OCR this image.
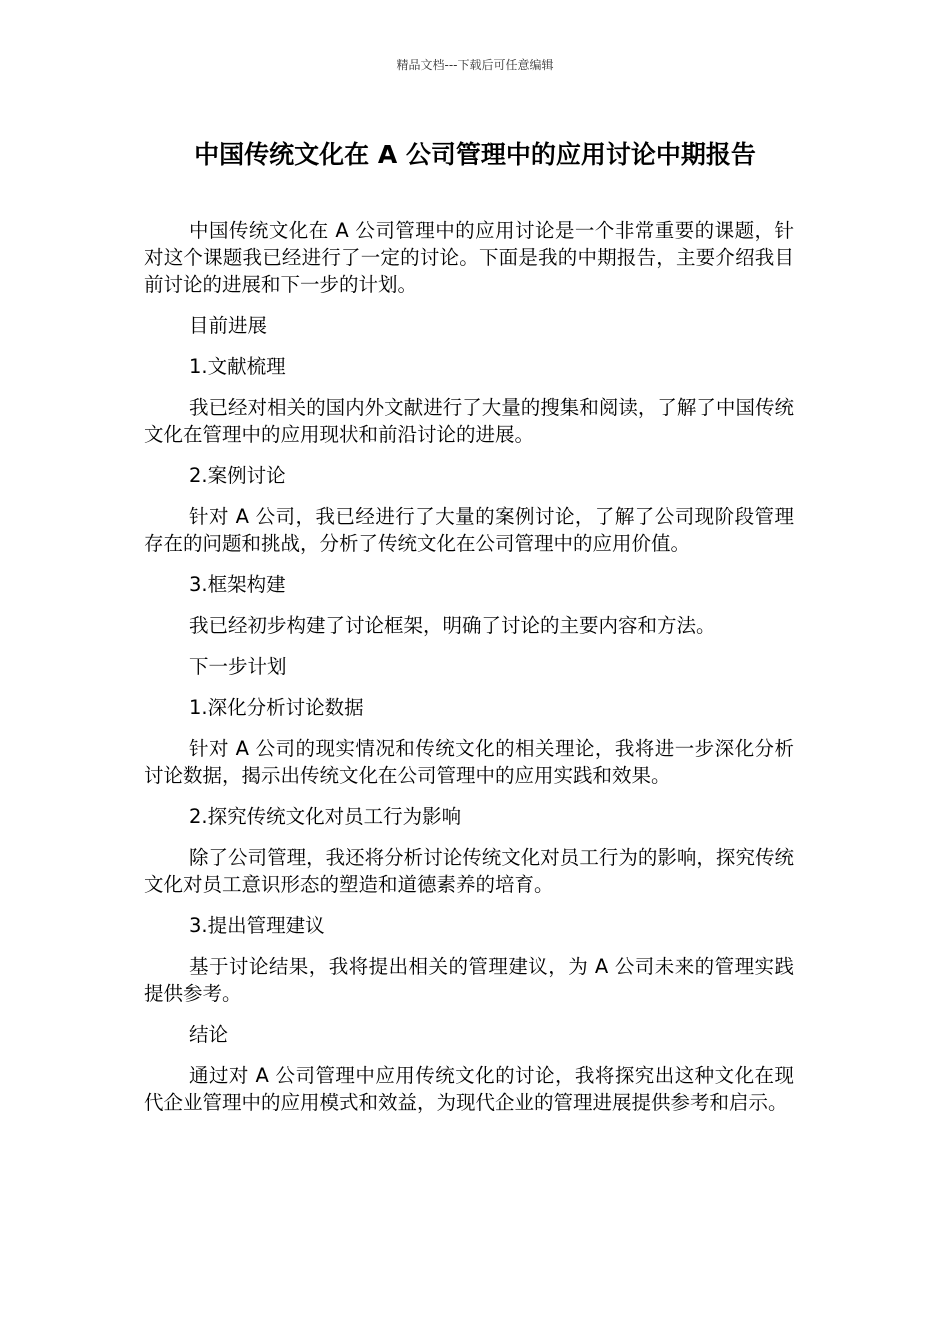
精品文档---下载后可任意编辑
中国传统文化在 A 公司管理中的应用讨论中期报告

中国传统文化在 A 公司管理中的应用讨论是一个非常重要的课题，针对这个课题我已经进行了一定的讨论。下面是我的中期报告，主要介绍我目前讨论的进展和下一步的计划。

目前进展

1.文献梳理

我已经对相关的国内外文献进行了大量的搜集和阅读，了解了中国传统文化在管理中的应用现状和前沿讨论的进展。

2.案例讨论

针对 A 公司，我已经进行了大量的案例讨论，了解了公司现阶段管理存在的问题和挑战，分析了传统文化在公司管理中的应用价值。

3.框架构建

我已经初步构建了讨论框架，明确了讨论的主要内容和方法。

下一步计划

1.深化分析讨论数据

针对 A 公司的现实情况和传统文化的相关理论，我将进一步深化分析讨论数据，揭示出传统文化在公司管理中的应用实践和效果。

2.探究传统文化对员工行为影响

除了公司管理，我还将分析讨论传统文化对员工行为的影响，探究传统文化对员工意识形态的塑造和道德素养的培育。

3.提出管理建议

基于讨论结果，我将提出相关的管理建议，为 A 公司未来的管理实践提供参考。

结论

通过对 A 公司管理中应用传统文化的讨论，我将探究出这种文化在现代企业管理中的应用模式和效益，为现代企业的管理进展提供参考和启示。
